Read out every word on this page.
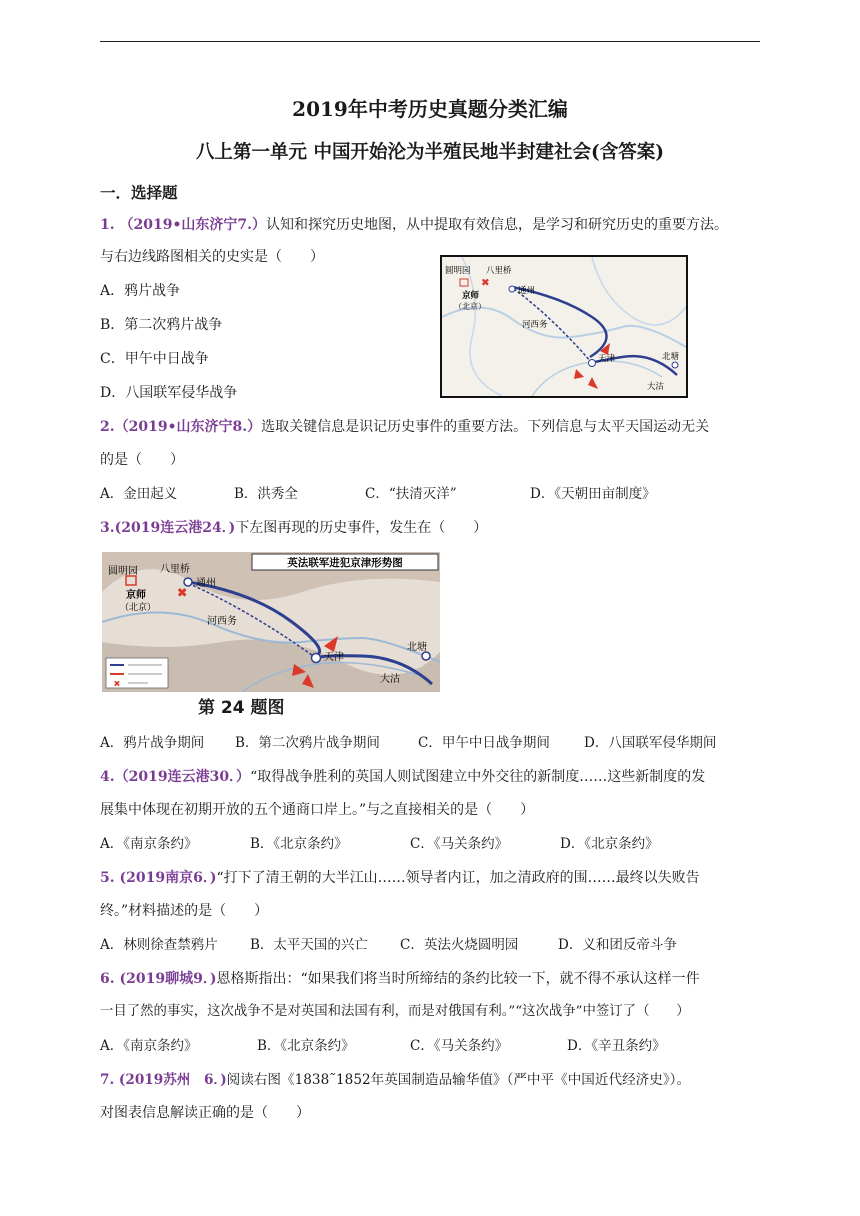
2019年中考历史真题分类汇编
八上第一单元 中国开始沦为半殖民地半封建社会(含答案)
一．选择题
1. （2019•山东济宁7.）认知和探究历史地图，从中提取有效信息，是学习和研究历史的重要方法。
与右边线路图相关的史实是（　　）
A．鸦片战争
B．第二次鸦片战争
C．甲午中日战争
D．八国联军侵华战争
✕
圆明园 八里桥
京师
（北京）
通州
河西务
天津	北塘
大沽
2.（2019•山东济宁8.）选取关键信息是识记历史事件的重要方法。下列信息与太平天国运动无关
的是（　　）
A．金田起义	B．洪秀全	C．“扶清灭洋”	D．《天朝田亩制度》
3.(2019连云港24．)下左图再现的历史事件，发生在（　　）
英法联军进犯京津形势图
✕
圆明园 八里桥
京师
（北京）
通州
河西务
天津
北塘
大沽
✕
第 24 题图
A．鸦片战争期间 B．第二次鸦片战争期间	C．甲午中日战争期间	D．八国联军侵华期间
4.（2019连云港30．）“取得战争胜利的英国人则试图建立中外交往的新制度……这些新制度的发
展集中体现在初期开放的五个通商口岸上。”与之直接相关的是（　　）
A．《南京条约》	B．《北京条约》	C．《马关条约》	D．《北京条约》
5. (2019南京6．)“打下了清王朝的大半江山……领导者内讧，加之清政府的围……最终以失败告
终。”材料描述的是（　　）
A．林则徐查禁鸦片 B．太平天国的兴亡 C．英法火烧圆明园	D．义和团反帝斗争
6. (2019聊城9．)恩格斯指出：“如果我们将当时所缔结的条约比较一下，就不得不承认这样一件
一目了然的事实，这次战争不是对英国和法国有利，而是对俄国有利。”“这次战争”中签订了（　　）
A．《南京条约》	B．《北京条约》	C．《马关条约》	D．《辛丑条约》
7. (2019苏州　6．)阅读右图《1838˜1852年英国制造品输华值》（严中平《中国近代经济史》）。
对图表信息解读正确的是（　　）
